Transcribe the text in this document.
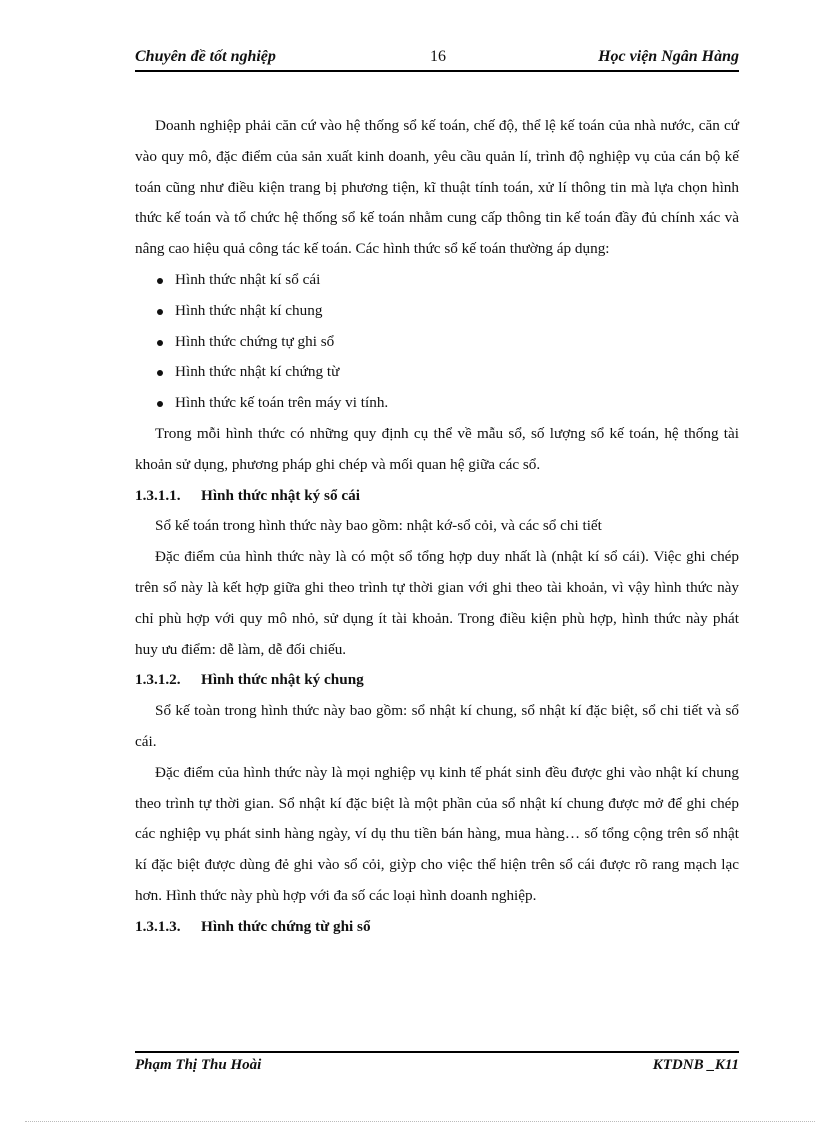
Chuyên đề tốt nghiệp	16	Học viện Ngân Hàng

Doanh nghiệp phải căn cứ vào hệ thống sổ kế toán, chế độ, thể lệ kế toán của nhà nước, căn cứ vào quy mô, đặc điểm của sản xuất kinh doanh, yêu cầu quản lí, trình độ nghiệp vụ của cán bộ kế toán cũng như điều kiện trang bị phương tiện, kĩ thuật tính toán, xử lí thông tin mà lựa chọn hình thức kế toán và tổ chức hệ thống sổ kế toán nhằm cung cấp thông tin kế toán đầy đủ chính xác và nâng cao hiệu quả công tác kế toán. Các hình thức sổ kế toán thường áp dụng:

Hình thức nhật kí sổ cái
Hình thức nhật kí chung
Hình thức chứng tự ghi sổ
Hình thức nhật kí chứng từ
Hình thức kế toán trên máy vi tính.

Trong mỗi hình thức có những quy định cụ thể về mẫu sổ, số lượng sổ kế toán, hệ thống tài khoản sử dụng, phương pháp ghi chép và mối quan hệ giữa các sổ.

1.3.1.1. Hình thức nhật ký sổ cái

Sổ kế toán trong hình thức này bao gồm: nhật kớ-sổ cỏi, và các sổ chi tiết

Đặc điểm của hình thức này là có một sổ tổng hợp duy nhất là (nhật kí sổ cái). Việc ghi chép trên sổ này là kết hợp giữa ghi theo trình tự thời gian với ghi theo tài khoản, vì vậy hình thức này chỉ phù hợp với quy mô nhỏ, sử dụng ít tài khoản. Trong điều kiện phù hợp, hình thức này phát huy ưu điểm: dễ làm, dễ đối chiếu.

1.3.1.2. Hình thức nhật ký chung

Sổ kế toàn trong hình thức này bao gồm: sổ nhật kí chung, sổ nhật kí đặc biệt, sổ chi tiết và sổ cái.

Đặc điểm của hình thức này là mọi nghiệp vụ kinh tế phát sinh đều được ghi vào nhật kí chung theo trình tự thời gian. Sổ nhật kí đặc biệt là một phần của sổ nhật kí chung được mở để ghi chép các nghiệp vụ phát sinh hàng ngày, ví dụ thu tiền bán hàng, mua hàng… số tổng cộng trên sổ nhật kí đặc biệt được dùng đẻ ghi vào sổ cỏi, giỳp cho việc thể hiện trên sổ cái được rõ rang mạch lạc hơn. Hình thức này phù hợp với đa số các loại hình doanh nghiệp.

1.3.1.3. Hình thức chứng từ ghi sổ

Phạm Thị Thu Hoài	KTDNB _K11
